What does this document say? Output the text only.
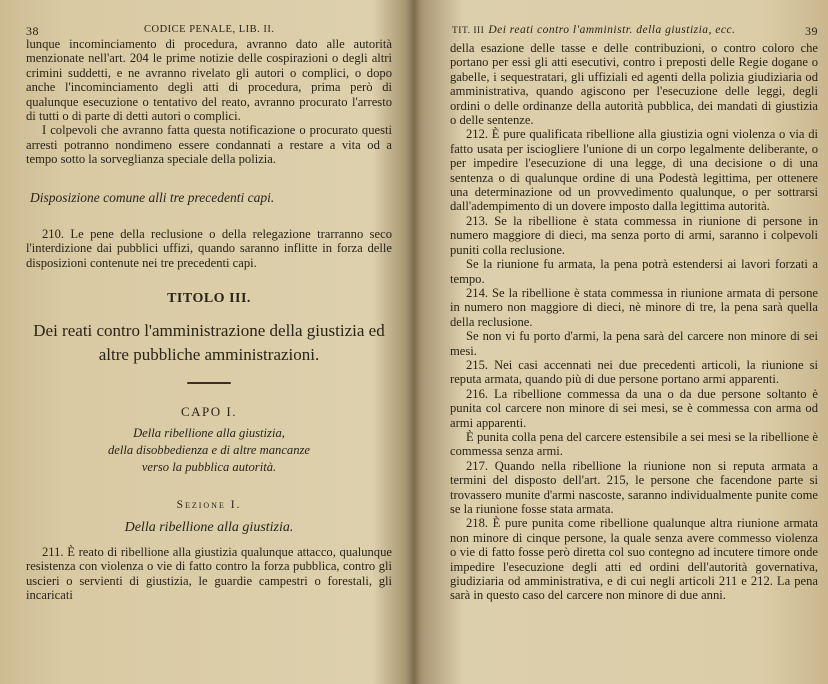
38	CODICE PENALE, LIB. II.

lunque incominciamento di procedura, avranno dato alle autorità menzionate nell'art. 204 le prime notizie delle cospirazioni o degli altri crimini suddetti, e ne avranno rivelato gli autori o complici, o dopo anche l'incominciamento degli atti di procedura, prima però di qualunque esecuzione o tentativo del reato, avranno procurato l'arresto di tutti o di parte di detti autori o complici.

I colpevoli che avranno fatta questa notificazione o procurato questi arresti potranno nondimeno essere condannati a restare a vita od a tempo sotto la sorveglianza speciale della polizia.

Disposizione comune alli tre precedenti capi.

210. Le pene della reclusione o della relegazione trarranno seco l'interdizione dai pubblici uffizi, quando saranno inflitte in forza delle disposizioni contenute nei tre precedenti capi.

TITOLO III.
Dei reati contro l'amministrazione della giustizia ed altre pubbliche amministrazioni.
CAPO I.
Della ribellione alla giustizia,
della disobbedienza e di altre mancanze
verso la pubblica autorità.
Sezione I.
Della ribellione alla giustizia.

211. È reato di ribellione alla giustizia qualunque attacco, qualunque resistenza con violenza o vie di fatto contro la forza pubblica, contro gli uscieri o servienti di giustizia, le guardie campestri o forestali, gli incaricati

TIT. III Dei reati contro l'amministr. della giustizia, ecc.	39

della esazione delle tasse e delle contribuzioni, o contro coloro che portano per essi gli atti esecutivi, contro i preposti delle Regie dogane o gabelle, i sequestratari, gli uffiziali ed agenti della polizia giudiziaria od amministrativa, quando agiscono per l'esecuzione delle leggi, degli ordini o delle ordinanze della autorità pubblica, dei mandati di giustizia o delle sentenze.

212. È pure qualificata ribellione alla giustizia ogni violenza o via di fatto usata per isciogliere l'unione di un corpo legalmente deliberante, o per impedire l'esecuzione di una legge, di una decisione o di una sentenza o di qualunque ordine di una Podestà legittima, per ottenere una determinazione od un provvedimento qualunque, o per sottrarsi dall'adempimento di un dovere imposto dalla legittima autorità.

213. Se la ribellione è stata commessa in riunione di persone in numero maggiore di dieci, ma senza porto di armi, saranno i colpevoli puniti colla reclusione.

Se la riunione fu armata, la pena potrà estendersi ai lavori forzati a tempo.

214. Se la ribellione è stata commessa in riunione armata di persone in numero non maggiore di dieci, nè minore di tre, la pena sarà quella della reclusione.

Se non vi fu porto d'armi, la pena sarà del carcere non minore di sei mesi.

215. Nei casi accennati nei due precedenti articoli, la riunione si reputa armata, quando più di due persone portano armi apparenti.

216. La ribellione commessa da una o da due persone soltanto è punita col carcere non minore di sei mesi, se è commessa con arma od armi apparenti.

È punita colla pena del carcere estensibile a sei mesi se la ribellione è commessa senza armi.

217. Quando nella ribellione la riunione non si reputa armata a termini del disposto dell'art. 215, le persone che facendone parte si trovassero munite d'armi nascoste, saranno individualmente punite come se la riunione fosse stata armata.

218. È pure punita come ribellione qualunque altra riunione armata non minore di cinque persone, la quale senza avere commesso violenza o vie di fatto fosse però diretta col suo contegno ad incutere timore onde impedire l'esecuzione degli atti ed ordini dell'autorità governativa, giudiziaria od amministrativa, e di cui negli articoli 211 e 212. La pena sarà in questo caso del carcere non minore di due anni.
